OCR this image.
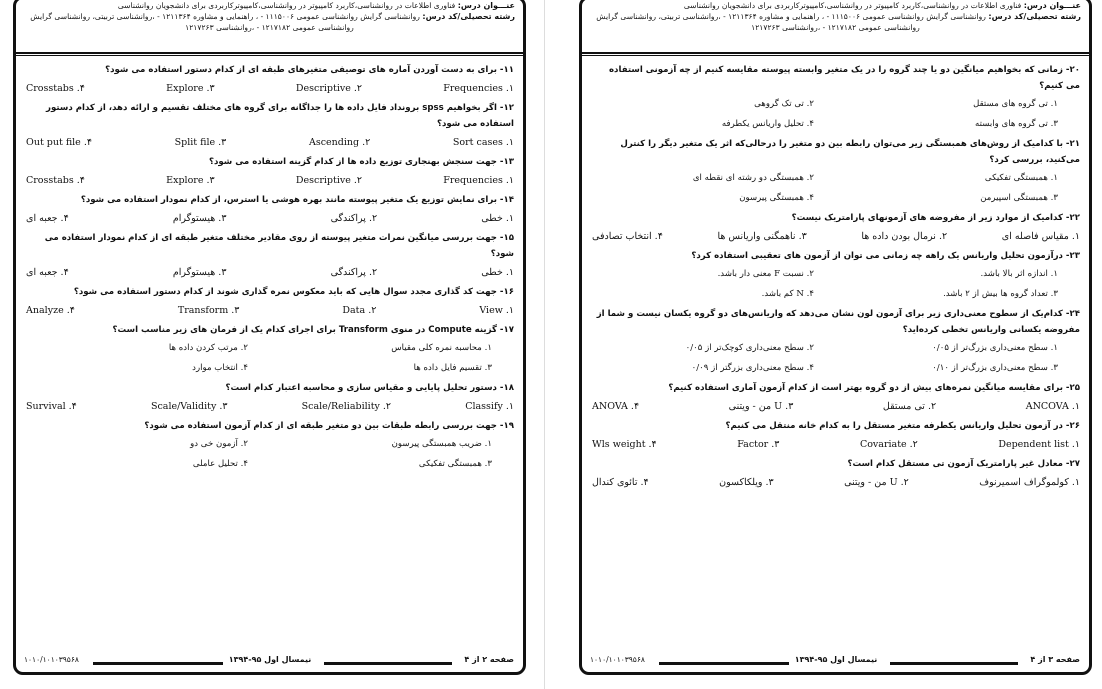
عنـــوان درس: فناوری اطلاعات در روانشناسی،کاربرد کامپیوتر در روانشناسی،کامپیوترکاربردی برای دانشجویان روانشناسی
رشته تحصیلی/کد درس: روانشناسی گرایش روانشناسی عمومی ۱۱۱۵۰۰۶ - ، راهنمایی و مشاوره ۱۲۱۱۳۶۴ - ،روانشناسی تربیتی، روانشناسی گرایش
روانشناسی عمومی ۱۲۱۷۱۸۲ - ،روانشناسی ۱۲۱۷۲۶۳
۱۱- برای به دست آوردن آماره های توصیفی متغیرهای طبقه ای از کدام دستور استفاده می شود؟
Frequencies .۱
Descriptive .۲
Explore .۳
Crosstabs .۴
۱۲- اگر بخواهیم spss برونداد فایل داده ها را جداگانه برای گروه های مختلف تقسیم و ارائه دهد، از کدام دستور استفاده می شود؟
Sort cases .۱
Ascending .۲
Split file .۳
Out put file .۴
۱۳- جهت سنجش بهنجاری توزیع داده ها از کدام گزینه استفاده می شود؟
Frequencies .۱
Descriptive .۲
Explore .۳
Crosstabs .۴
۱۴- برای نمایش توزیع یک متغیر پیوسته مانند بهره هوشی یا استرس، از کدام نمودار استفاده می شود؟
۱. خطی
۲. پراکندگی
۳. هیستوگرام
۴. جعبه ای
۱۵- جهت بررسی میانگین نمرات متغیر پیوسته از روی مقادیر مختلف متغیر طبقه ای از کدام نمودار استفاده می شود؟
۱. خطی
۲. پراکندگی
۳. هیستوگرام
۴. جعبه ای
۱۶- جهت کد گذاری مجدد سوال هایی که باید معکوس نمره گذاری شوند از کدام دستور استفاده می شود؟
View .۱
Data .۲
Transform .۳
Analyze .۴
۱۷- گزینه Compute در منوی Transform برای اجرای کدام یک از فرمان های زیر مناسب است؟
۱. محاسبه نمره کلی مقیاس
۲. مرتب کردن داده ها
۳. تقسیم فایل داده ها
۴. انتخاب موارد
۱۸- دستور تحلیل پایایی و مقیاس سازی و محاسبه اعتبار کدام است؟
Classify .۱
Scale/Reliability .۲
Scale/Validity .۳
Survival .۴
۱۹- جهت بررسی رابطه طبقات بین دو متغیر طبقه ای از کدام آزمون استفاده می شود؟
۱. ضریب همبستگی پیرسون
۲. آزمون خی دو
۳. همبستگی تفکیکی
۴. تحلیل عاملی
صفحه ۲ از ۴
نیمسال اول ۹۵-۱۳۹۴
۱۰۱۰/۱۰۱۰۳۹۵۶۸
عنـــوان درس: فناوری اطلاعات در روانشناسی،کاربرد کامپیوتر در روانشناسی،کامپیوترکاربردی برای دانشجویان روانشناسی
رشته تحصیلی/کد درس: روانشناسی گرایش روانشناسی عمومی ۱۱۱۵۰۰۶ - ، راهنمایی و مشاوره ۱۲۱۱۳۶۴ - ،روانشناسی تربیتی، روانشناسی گرایش
روانشناسی عمومی ۱۲۱۷۱۸۲ - ،روانشناسی ۱۲۱۷۲۶۳
۲۰- زمانی که بخواهیم میانگین دو یا چند گروه را در یک متغیر وابسته پیوسته مقایسه کنیم از چه آزمونی استفاده می کنیم؟
۱. تی گروه های مستقل
۲. تی تک گروهی
۳. تی گروه های وابسته
۴. تحلیل واریانس یکطرفه
۲۱- با کدامیک از روش‌های همبستگی زیر می‌توان رابطه بین دو متغیر را درحالی‌که اثر یک متغیر دیگر را کنترل می‌کنید، بررسی کرد؟
۱. همبستگی تفکیکی
۲. همبستگی دو رشته ای نقطه ای
۳. همبستگی اسپیرمن
۴. همبستگی پیرسون
۲۲- کدامیک از موارد زیر از مفروضه های آزمونهای پارامتریک نیست؟
۱. مقیاس فاصله ای
۲. نرمال بودن داده ها
۳. ناهمگنی واریانس ها
۴. انتخاب تصادفی
۲۳- درآزمون تحلیل واریانس یک راهه چه زمانی می توان از آزمون های تعقیبی استفاده کرد؟
۱. اندازه اثر بالا باشد.
۲. نسبت F معنی دار باشد.
۳. تعداد گروه ها بیش از ۲ باشد.
۴. N کم باشد.
۲۴- کدام‌یک از سطوح معنی‌داری زیر برای آزمون لون نشان می‌دهد که واریانس‌های دو گروه یکسان نیست و شما از مفروضه یکسانی واریانس تخطی کرده‌اید؟
۱. سطح معنی‌داری بزرگ‌تر از ۰/۰۵
۲. سطح معنی‌داری کوچک‌تر از ۰/۰۵
۳. سطح معنی‌داری بزرگ‌تر از ۰/۱۰
۴. سطح معنی‌داری بزرگتر از ۰/۰۹
۲۵- برای مقایسه میانگین نمره‌های بیش از دو گروه بهتر است از کدام آزمون آماری استفاده کنیم؟
ANCOVA .۱
۲. تی مستقل
۳. U من - ویتنی
ANOVA .۴
۲۶- در آزمون تحلیل واریانس یکطرفه متغیر مستقل را به کدام خانه منتقل می کنیم؟
Dependent list .۱
Covariate .۲
Factor .۳
Wls weight .۴
۲۷- معادل غیر پارامتریک آزمون تی مستقل کدام است؟
۱. کولموگراف اسمیرنوف
۲. U من - ویتنی
۳. ویلکاکسون
۴. تائوی کندال
صفحه ۳ از ۴
نیمسال اول ۹۵-۱۳۹۴
۱۰۱۰/۱۰۱۰۳۹۵۶۸
